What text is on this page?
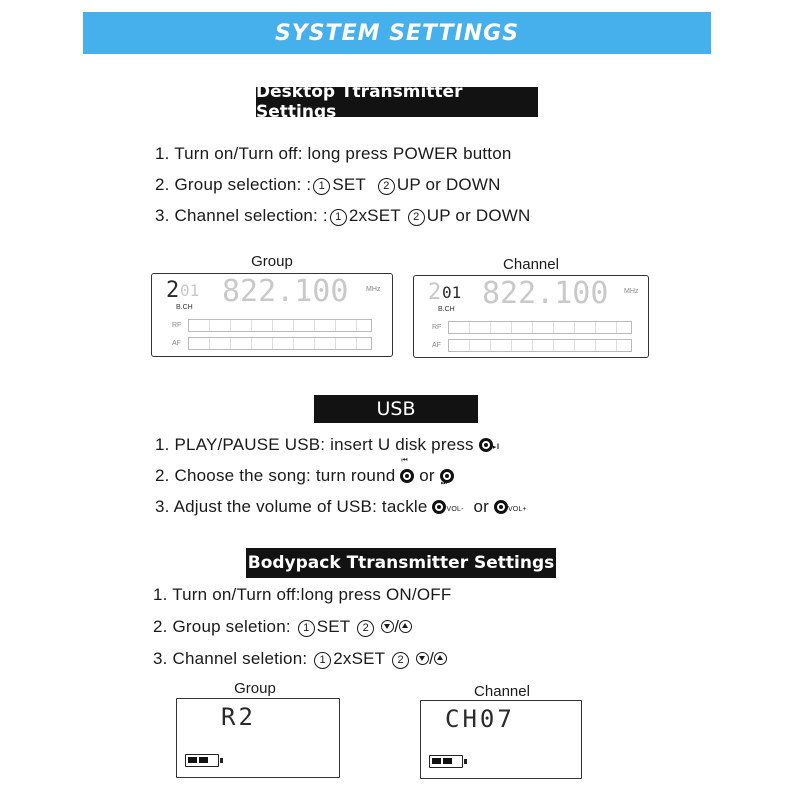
SYSTEM SETTINGS
Desktop Ttransmitter Settings
1. Turn on/Turn off: long press POWER button
2. Group selection: : 1 SET 2 UP or DOWN
3. Channel selection: : 1 2xSET 2 UP or DOWN
Group
2 01 822.100	MHz
B.CH
RF
AF
Channel
2 01 822.100 MHz
B.CH
RF
AF
USB
1. PLAY/PAUSE USB: insert U disk press	▸‖
2. Choose the song: turn round
⏮
or ⏭
3. Adjust the volume of USB: tackle	VOL- or	VOL+
Bodypack Ttransmitter Settings
1. Turn on/Turn off:long press ON/OFF
2. Group seletion: 1 SET 2 /
3. Channel seletion: 1 2xSET 2 /
Group
R2
Channel
CH07
